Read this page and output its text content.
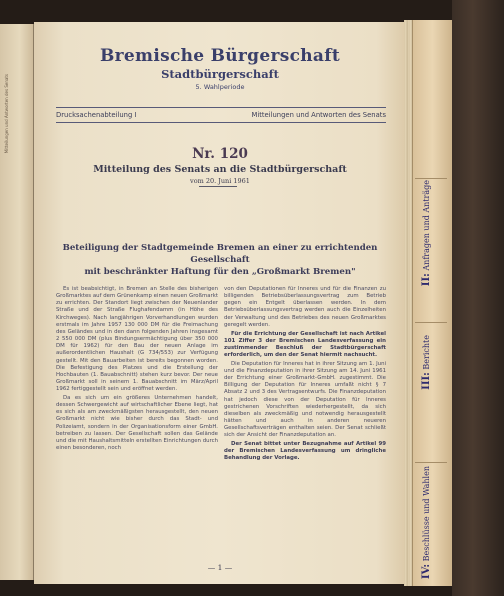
Mitteilungen und Antworten des Senats
Bremische Bürgerschaft
Stadtbürgerschaft
5. Wahlperiode
Drucksachenabteilung I	Mitteilungen und Antworten des Senats
Nr. 120
Mitteilung des Senats an die Stadtbürgerschaft
vom 20. Juni 1961
Beteiligung der Stadtgemeinde Bremen an einer zu errichtenden Gesellschaft
mit beschränkter Haftung für den „Großmarkt Bremen"

Es ist beabsichtigt, in Bremen an Stelle des bisherigen Großmarktes auf dem Grünenkamp einen neuen Großmarkt zu errichten. Der Standort liegt zwischen der Neuenlander Straße und der Straße Flughafendamm (in Höhe des Kirchweges). Nach langjährigen Vorverhandlungen wurden erstmals im Jahre 1957 130 000 DM für die Freimachung des Geländes und in den dann folgenden Jahren insgesamt 2 550 000 DM (plus Bindungsermächtigung über 350 000 DM für 1962) für den Bau der neuen Anlage im außerordentlichen Haushalt (G 734/553) zur Verfügung gestellt. Mit den Bauarbeiten ist bereits begonnen worden. Die Befestigung des Platzes und die Erstellung der Hochbauten (1. Bauabschnitt) stehen kurz bevor. Der neue Großmarkt soll in seinem 1. Bauabschnitt im März/April 1962 fertiggestellt sein und eröffnet werden.

Da es sich um ein größeres Unternehmen handelt, dessen Schwergewicht auf wirtschaftlicher Ebene liegt, hat es sich als am zweckmäßigsten herausgestellt, den neuen Großmarkt nicht wie bisher durch das Stadt- und Polizeiamt, sondern in der Organisationsform einer GmbH. betreiben zu lassen. Der Gesellschaft sollen das Gelände und die mit Haushaltsmitteln erstellten Einrichtungen durch einen besonderen, noch

von den Deputationen für Inneres und für die Finanzen zu billigenden Betriebsüberlassungsvertrag zum Betrieb gegen ein Entgelt überlassen werden. In dem Betriebsüberlassungsvertrag werden auch die Einzelheiten der Verwaltung und des Betriebes des neuen Großmarktes geregelt werden.

Für die Errichtung der Gesellschaft ist nach Artikel 101 Ziffer 3 der Bremischen Landesverfassung ein zustimmender Beschluß der Stadtbürgerschaft erforderlich, um den der Senat hiermit nachsucht.

Die Deputation für Inneres hat in ihrer Sitzung am 1. Juni und die Finanzdeputation in ihrer Sitzung am 14. Juni 1961 der Errichtung einer Großmarkt-GmbH. zugestimmt. Die Billigung der Deputation für Inneres umfaßt nicht § 7 Absatz 2 und 3 des Vertragsentwurfs. Die Finanzdeputation hat jedoch diese von der Deputation für Inneres gestrichenen Vorschriften wiederhergestellt, da sich dieselben als zweckmäßig und notwendig herausgestellt hätten und auch in anderen neueren Gesellschaftsverträgen enthalten seien. Der Senat schließt sich der Ansicht der Finanzdeputation an.

Der Senat bittet unter Bezugnahme auf Artikel 99 der Bremischen Landesverfassung um dringliche Behandlung der Vorlage.

— 1 —
II: Anfragen und Anträge
III: Berichte
IV: Beschlüsse und Wahlen
